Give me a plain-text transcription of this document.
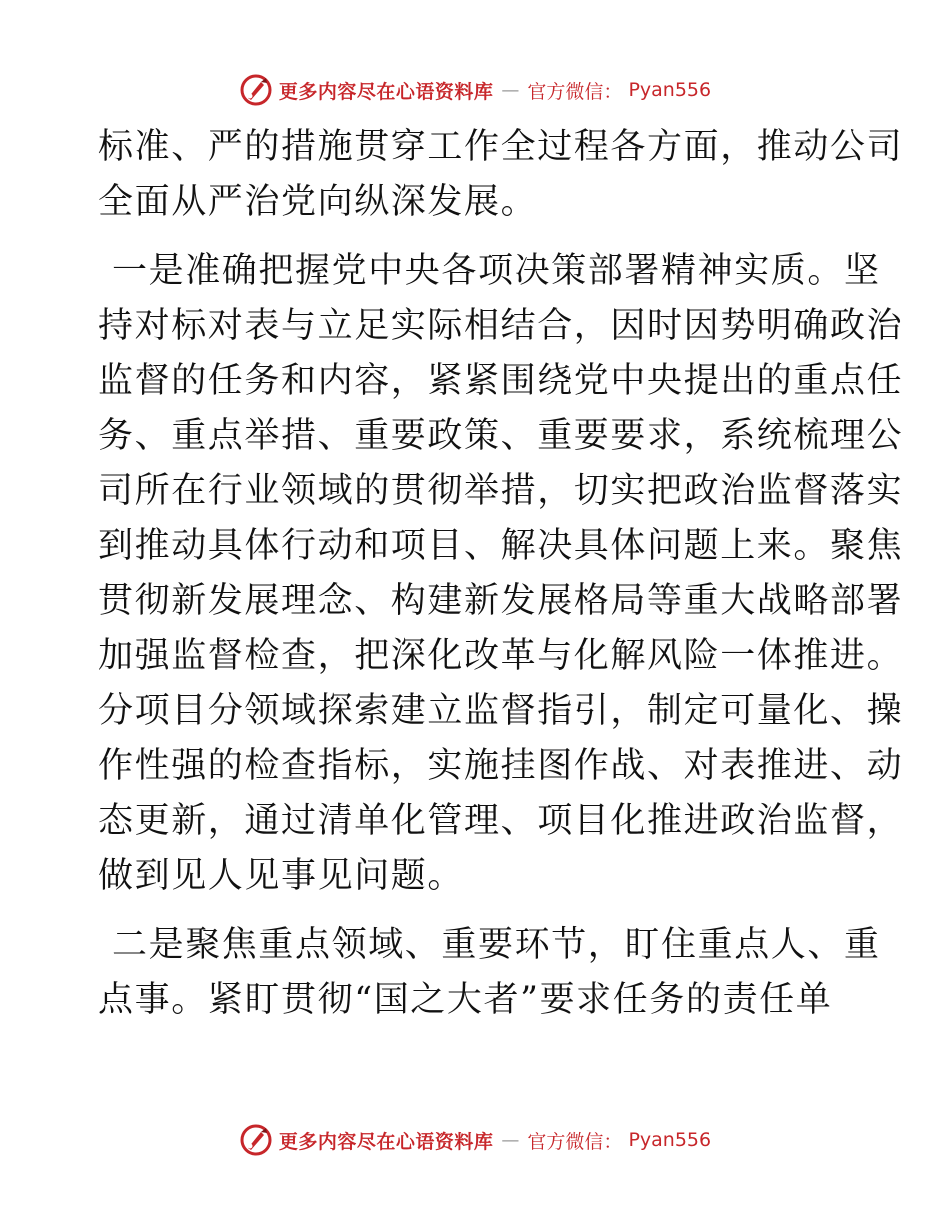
更多内容尽在心语资料库 — 官方微信： Pyan556

标准、严的措施贯穿工作全过程各方面，推动公司
全面从严治党向纵深发展。

一是准确把握党中央各项决策部署精神实质。坚
持对标对表与立足实际相结合，因时因势明确政治
监督的任务和内容，紧紧围绕党中央提出的重点任
务、重点举措、重要政策、重要要求，系统梳理公
司所在行业领域的贯彻举措，切实把政治监督落实
到推动具体行动和项目、解决具体问题上来。聚焦
贯彻新发展理念、构建新发展格局等重大战略部署
加强监督检查，把深化改革与化解风险一体推进。
分项目分领域探索建立监督指引，制定可量化、操
作性强的检查指标，实施挂图作战、对表推进、动
态更新，通过清单化管理、项目化推进政治监督，
做到见人见事见问题。

二是聚焦重点领域、重要环节，盯住重点人、重
点事。紧盯贯彻“国之大者”要求任务的责任单

更多内容尽在心语资料库 — 官方微信： Pyan556
